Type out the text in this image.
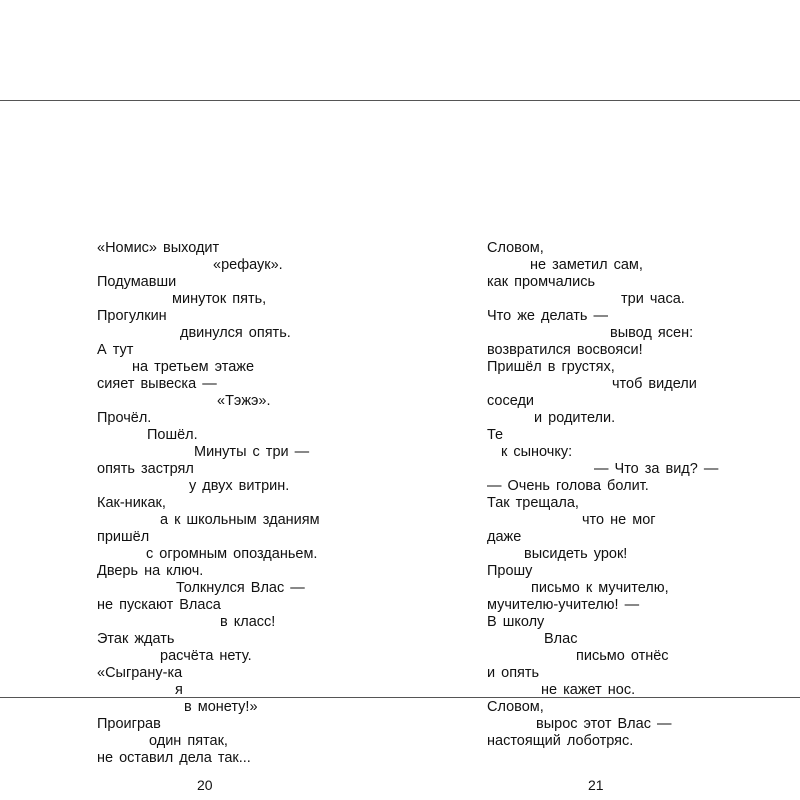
«Номис» выходит
«рефаук».
Подумавши
минуток пять,
Прогулкин
двинулся опять.
А тут
на третьем этаже
сияет вывеска —
«Тэжэ».
Прочёл.
Пошёл.
Минуты с три —
опять застрял
у двух витрин.
Как-никак,
а к школьным зданиям
пришёл
с огромным опозданьем.
Дверь на ключ.
Толкнулся Влас —
не пускают Власа
в класс!
Этак ждать
расчёта нету.
«Сыграну-ка
я
в монету!»
Проиграв
один пятак,
не оставил дела так...
20
Словом,
не заметил сам,
как промчались
три часа.
Что же делать —
вывод ясен:
возвратился восвояси!
Пришёл в грустях,
чтоб видели
соседи
и родители.
Те
к сыночку:
— Что за вид? —
— Очень голова болит.
Так трещала,
что не мог
даже
высидеть урок!
Прошу
письмо к мучителю,
мучителю-учителю! —
В школу
Влас
письмо отнёс
и опять
не кажет нос.
Словом,
вырос этот Влас —
настоящий лоботряс.
21
